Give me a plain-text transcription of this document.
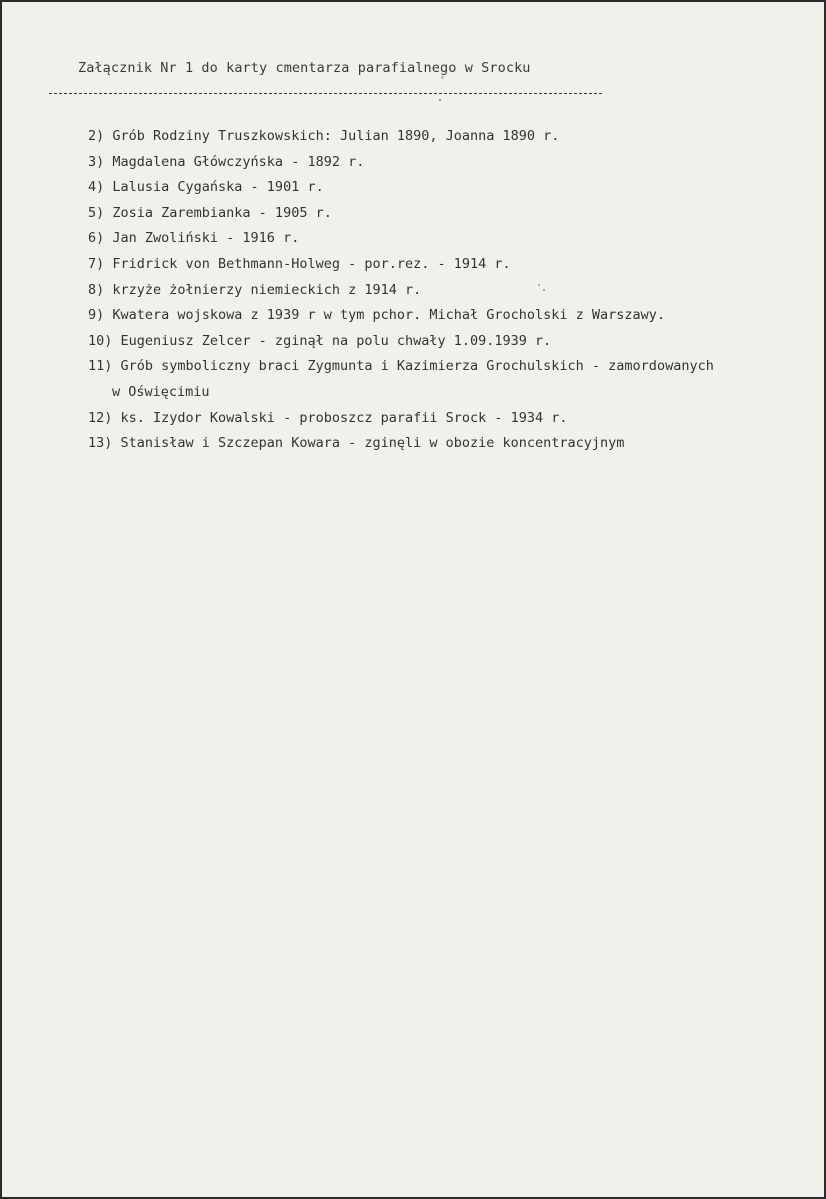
Załącznik Nr 1 do karty cmentarza parafialnego w Srocku
2) Grób Rodziny Truszkowskich: Julian 1890, Joanna 1890 r.
3) Magdalena Główczyńska - 1892 r.
4) Lalusia Cygańska - 1901 r.
5) Zosia Zarembianka - 1905 r.
6) Jan Zwoliński - 1916 r.
7) Fridrick von Bethmann-Holweg - por.rez. - 1914 r.
8) krzyże żołnierzy niemieckich z 1914 r.
9) Kwatera wojskowa z 1939 r w tym pchor. Michał Grocholski z Warszawy.
10) Eugeniusz Zelcer - zginął na polu chwały 1.09.1939 r.
11) Grób symboliczny braci Zygmunta i Kazimierza Grochulskich - zamordowanych
w Oświęcimiu
12) ks. Izydor Kowalski - proboszcz parafii Srock - 1934 r.
13) Stanisław i Szczepan Kowara - zginęli w obozie koncentracyjnym
